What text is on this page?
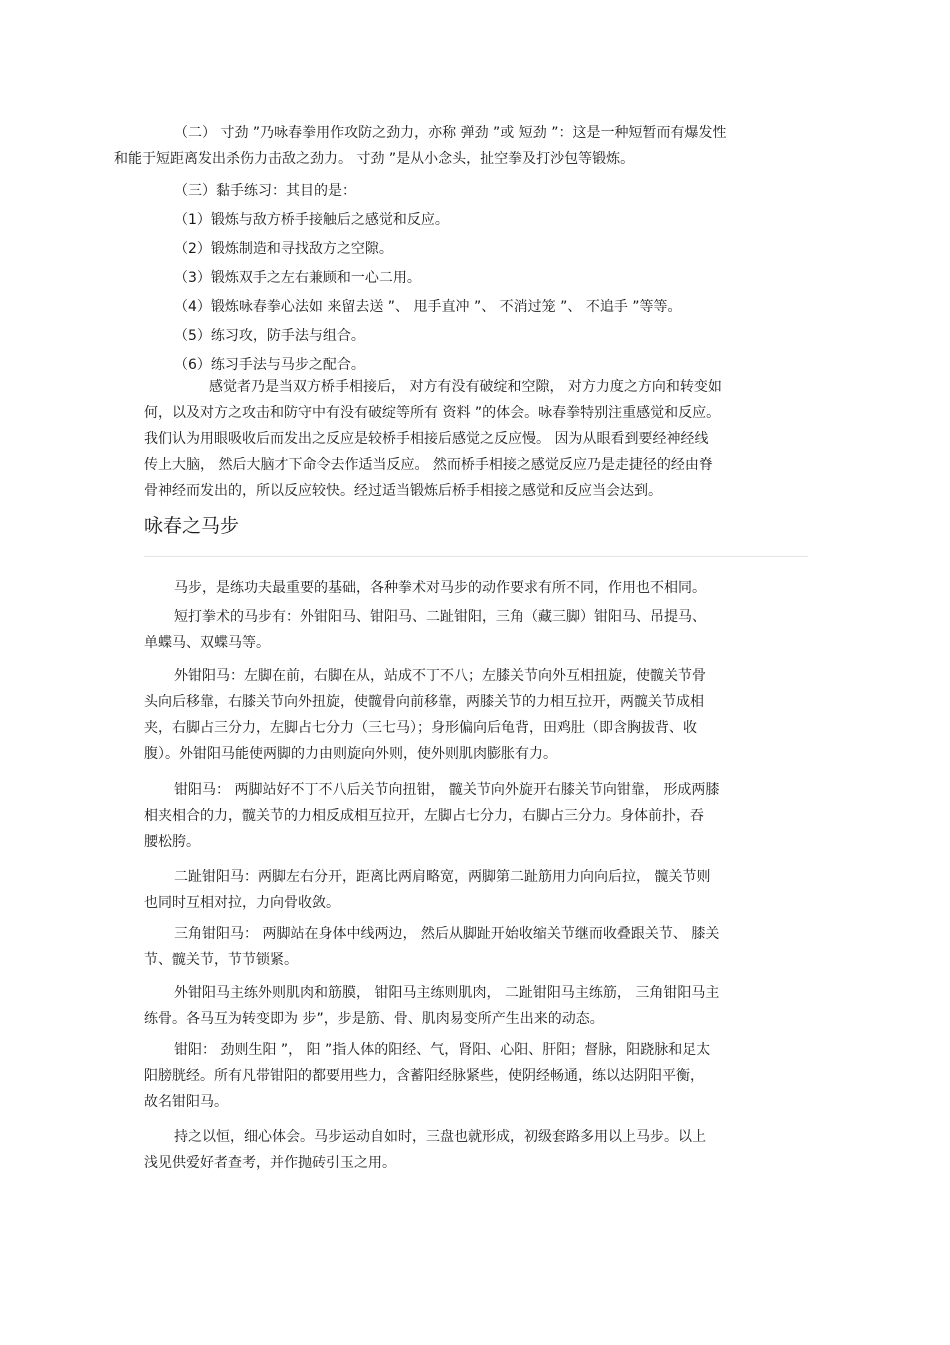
（二） 寸劲 ”乃咏春拳用作攻防之劲力，亦称 弹劲 ”或 短劲 ”：这是一种短暂而有爆发性
和能于短距离发出杀伤力击敌之劲力。 寸劲 ”是从小念头，扯空拳及打沙包等锻炼。

（三）黏手练习：其目的是：

（1）锻炼与敌方桥手接触后之感觉和反应。

（2）锻炼制造和寻找敌方之空隙。

（3）锻炼双手之左右兼顾和一心二用。

（4）锻炼咏春拳心法如 来留去送 ”、 甩手直冲 ”、 不消过笼 ”、 不追手 ”等等。

（5）练习攻，防手法与组合。

（6）练习手法与马步之配合。

感觉者乃是当双方桥手相接后， 对方有没有破绽和空隙， 对方力度之方向和转变如
何，以及对方之攻击和防守中有没有破绽等所有 资料 ”的体会。咏春拳特别注重感觉和反应。
我们认为用眼吸收后而发出之反应是较桥手相接后感觉之反应慢。 因为从眼看到要经神经线
传上大脑， 然后大脑才下命令去作适当反应。 然而桥手相接之感觉反应乃是走捷径的经由脊
骨神经而发出的，所以反应较快。经过适当锻炼后桥手相接之感觉和反应当会达到。

咏春之马步

马步，是练功夫最重要的基础，各种拳术对马步的动作要求有所不同，作用也不相同。

短打拳术的马步有：外钳阳马、钳阳马、二趾钳阳，三角（藏三脚）钳阳马、吊提马、
单蝶马、双蝶马等。

外钳阳马：左脚在前，右脚在从，站成不丁不八；左膝关节向外互相扭旋，使髋关节骨
头向后移靠，右膝关节向外扭旋，使髋骨向前移靠，两膝关节的力相互拉开，两髋关节成相
夹，右脚占三分力，左脚占七分力（三七马）；身形偏向后龟背，田鸡肚（即含胸拔背、收
腹）。外钳阳马能使两脚的力由则旋向外则，使外则肌肉膨胀有力。

钳阳马： 两脚站好不丁不八后关节向扭钳， 髋关节向外旋开右膝关节向钳靠， 形成两膝
相夹相合的力，髋关节的力相反成相互拉开，左脚占七分力，右脚占三分力。身体前扑，吞
腰松胯。

二趾钳阳马：两脚左右分开，距离比两肩略宽，两脚第二趾筋用力向向后拉， 髋关节则
也同时互相对拉，力向骨收敛。

三角钳阳马： 两脚站在身体中线两边， 然后从脚趾开始收缩关节继而收叠跟关节、 膝关
节、髋关节，节节锁紧。

外钳阳马主练外则肌肉和筋膜， 钳阳马主练则肌肉， 二趾钳阳马主练筋， 三角钳阳马主
练骨。各马互为转变即为 步”，步是筋、骨、肌肉易变所产生出来的动态。

钳阳： 劲则生阳 ”， 阳 ”指人体的阳经、气，肾阳、心阳、肝阳；督脉，阳跷脉和足太
阳膀胱经。所有凡带钳阳的都要用些力，含蓄阳经脉紧些，使阴经畅通，练以达阴阳平衡，
故名钳阳马。

持之以恒，细心体会。马步运动自如时，三盘也就形成，初级套路多用以上马步。以上
浅见供爱好者查考，并作抛砖引玉之用。
